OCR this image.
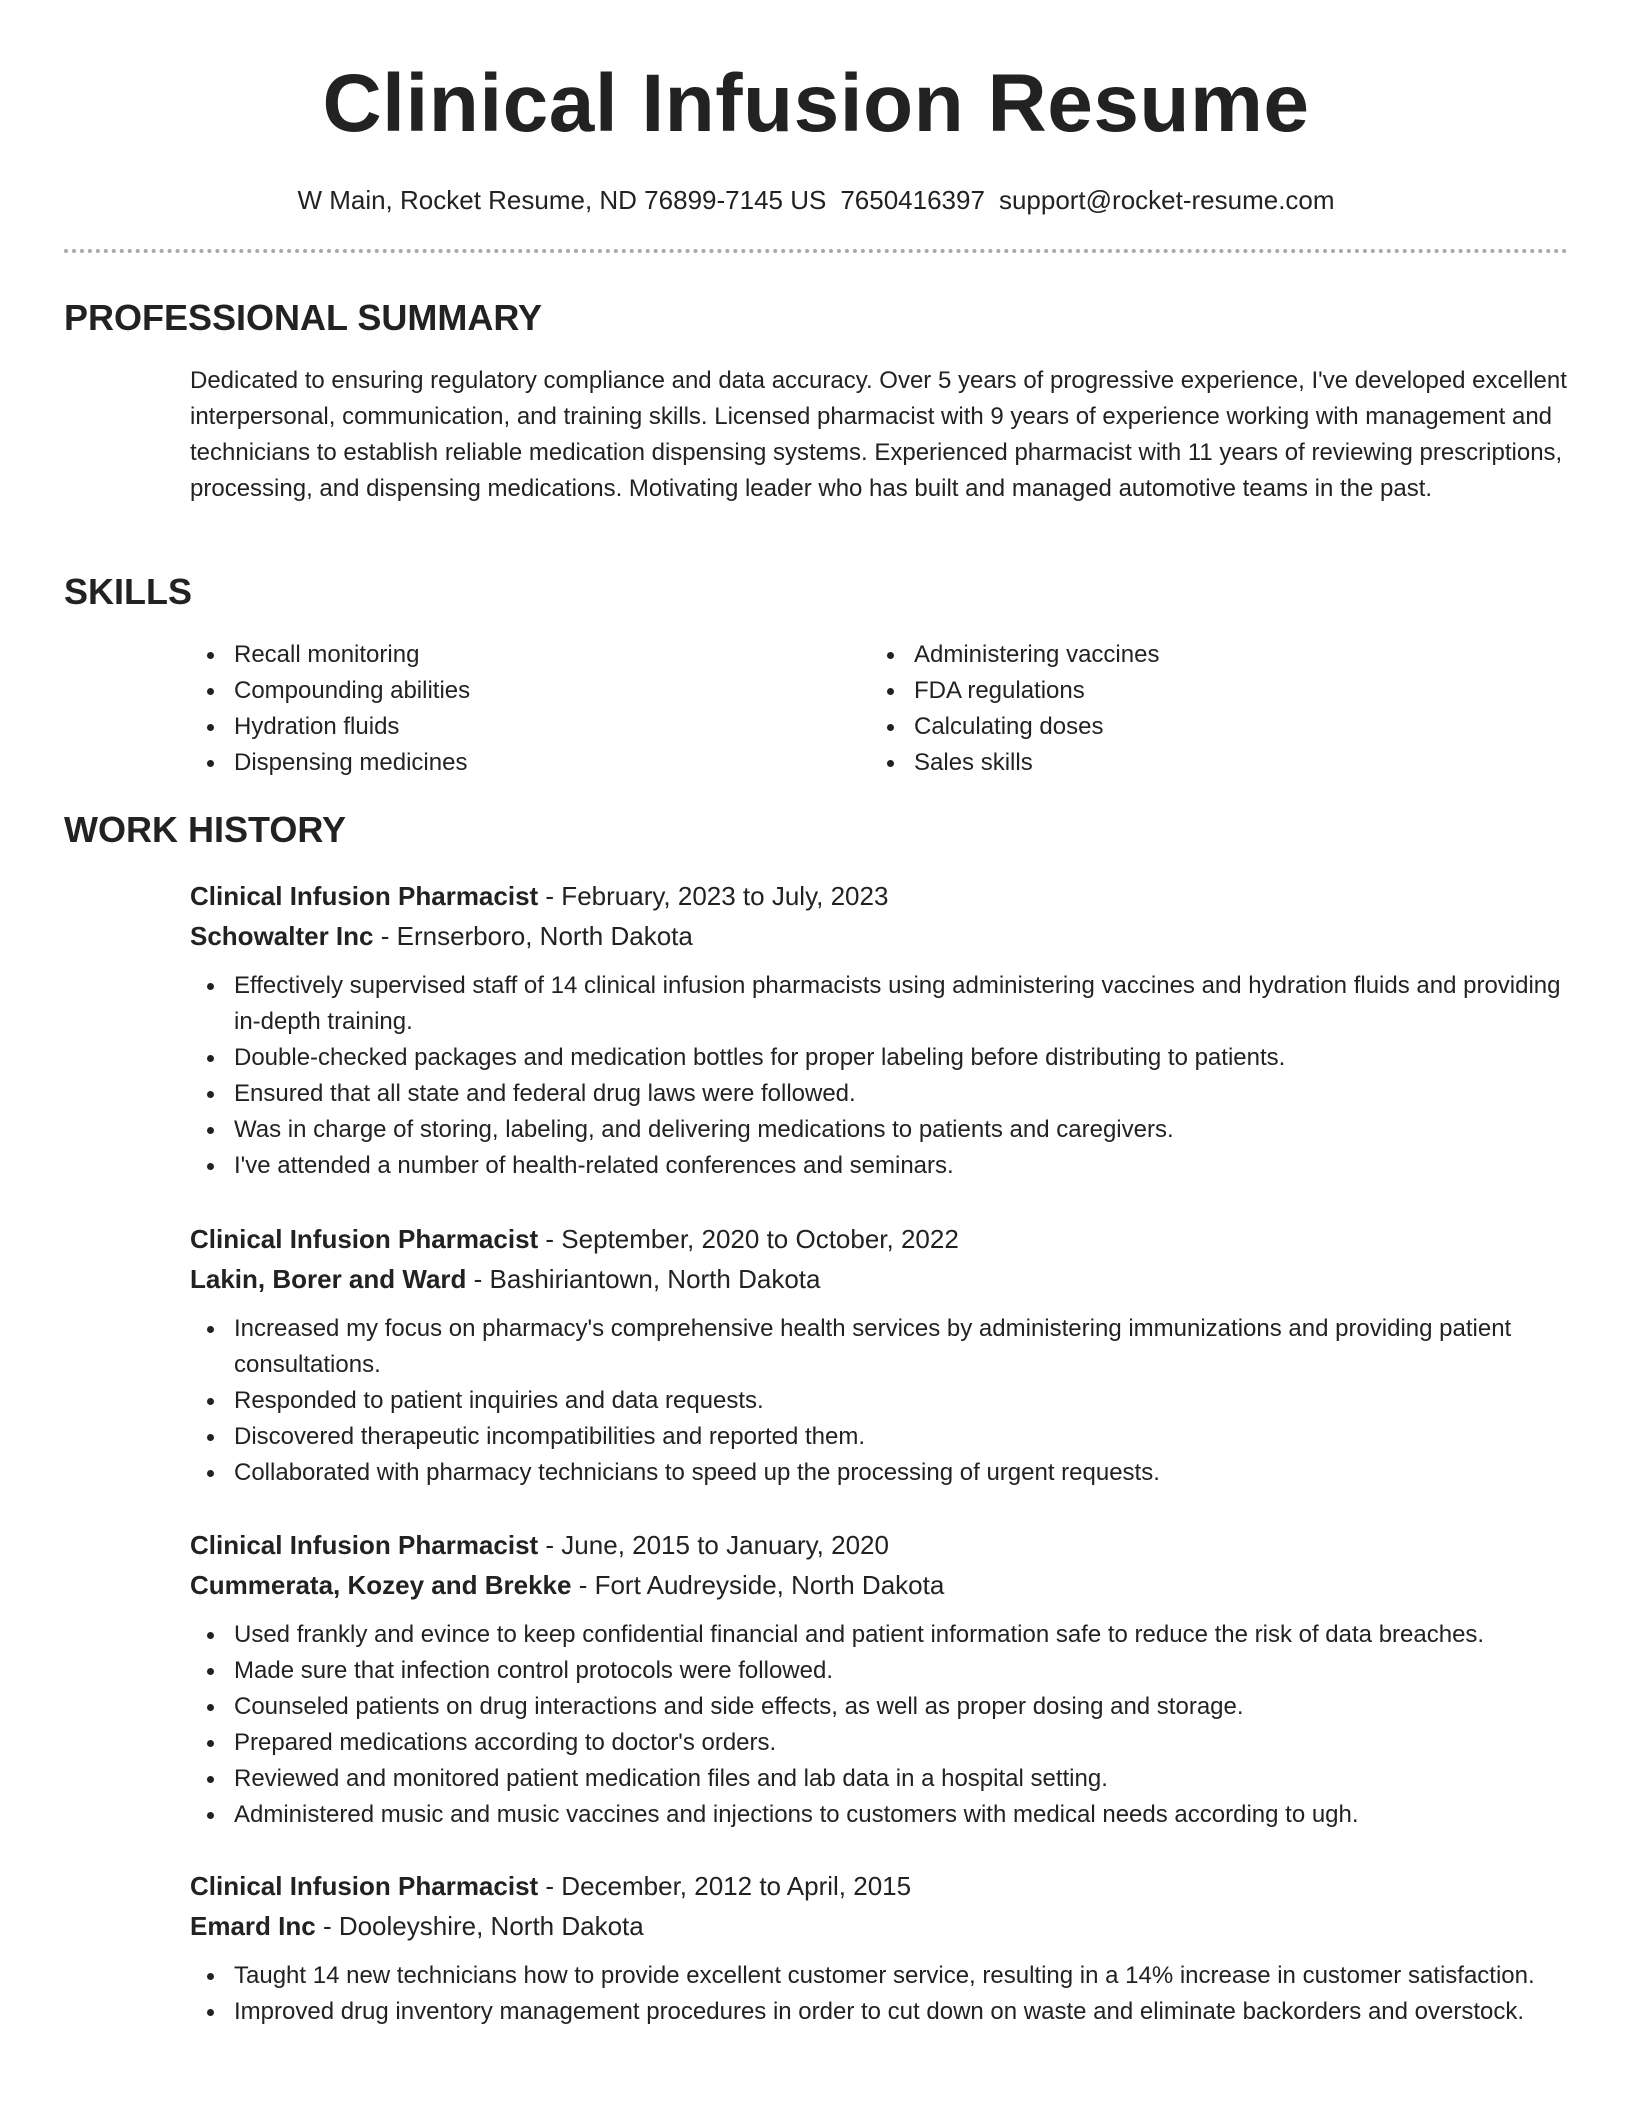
Clinical Infusion Resume
W Main, Rocket Resume, ND 76899-7145 US 7650416397 support@rocket-resume.com
PROFESSIONAL SUMMARY

Dedicated to ensuring regulatory compliance and data accuracy. Over 5 years of progressive experience, I've developed excellent interpersonal, communication, and training skills. Licensed pharmacist with 9 years of experience working with management and technicians to establish reliable medication dispensing systems. Experienced pharmacist with 11 years of reviewing prescriptions, processing, and dispensing medications. Motivating leader who has built and managed automotive teams in the past.

SKILLS
Recall monitoring
Compounding abilities
Hydration fluids
Dispensing medicines
Administering vaccines
FDA regulations
Calculating doses
Sales skills
WORK HISTORY
Clinical Infusion Pharmacist - February, 2023 to July, 2023
Schowalter Inc - Ernserboro, North Dakota
Effectively supervised staff of 14 clinical infusion pharmacists using administering vaccines and hydration fluids and providing in-depth training.
Double-checked packages and medication bottles for proper labeling before distributing to patients.
Ensured that all state and federal drug laws were followed.
Was in charge of storing, labeling, and delivering medications to patients and caregivers.
I've attended a number of health-related conferences and seminars.
Clinical Infusion Pharmacist - September, 2020 to October, 2022
Lakin, Borer and Ward - Bashiriantown, North Dakota
Increased my focus on pharmacy's comprehensive health services by administering immunizations and providing patient consultations.
Responded to patient inquiries and data requests.
Discovered therapeutic incompatibilities and reported them.
Collaborated with pharmacy technicians to speed up the processing of urgent requests.
Clinical Infusion Pharmacist - June, 2015 to January, 2020
Cummerata, Kozey and Brekke - Fort Audreyside, North Dakota
Used frankly and evince to keep confidential financial and patient information safe to reduce the risk of data breaches.
Made sure that infection control protocols were followed.
Counseled patients on drug interactions and side effects, as well as proper dosing and storage.
Prepared medications according to doctor's orders.
Reviewed and monitored patient medication files and lab data in a hospital setting.
Administered music and music vaccines and injections to customers with medical needs according to ugh.
Clinical Infusion Pharmacist - December, 2012 to April, 2015
Emard Inc - Dooleyshire, North Dakota
Taught 14 new technicians how to provide excellent customer service, resulting in a 14% increase in customer satisfaction.
Improved drug inventory management procedures in order to cut down on waste and eliminate backorders and overstock.
